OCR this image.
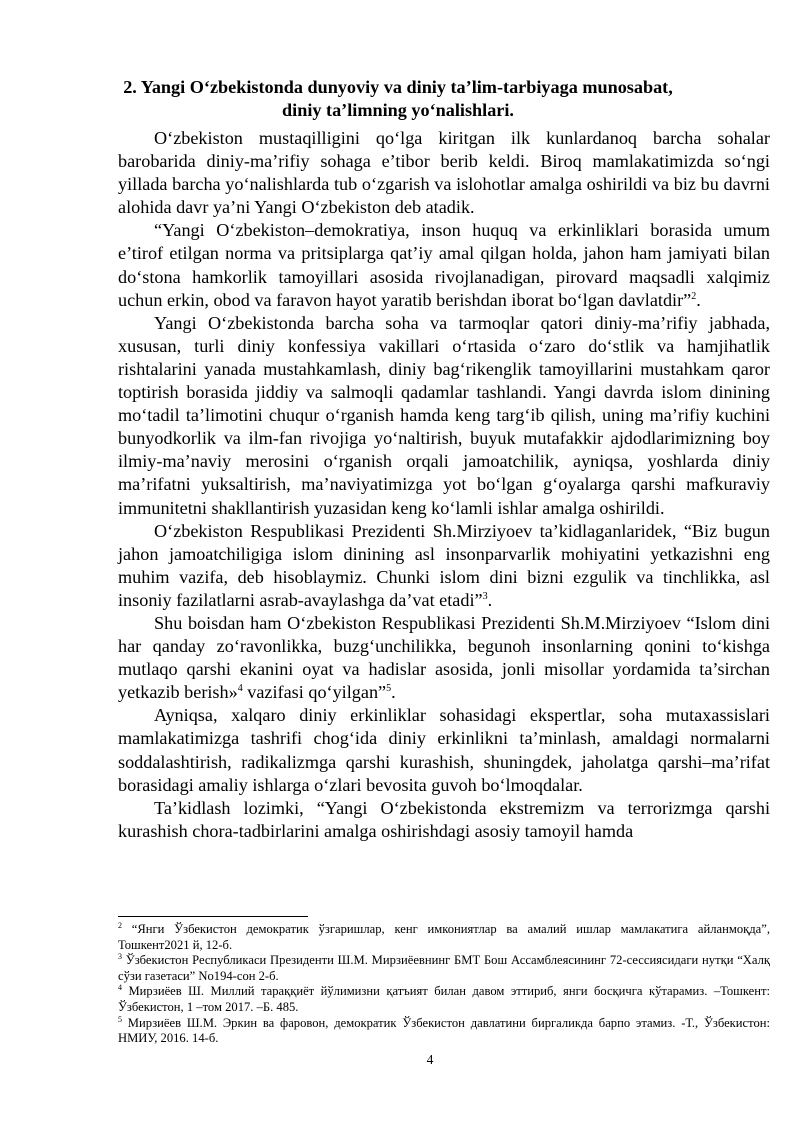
2. Yangi O‘zbekistonda dunyoviy va diniy ta’lim-tarbiyaga munosabat,
diniy ta’limning yo‘nalishlari.

O‘zbekiston mustaqilligini qo‘lga kiritgan ilk kunlardanoq barcha sohalar barobarida diniy-ma’rifiy sohaga e’tibor berib keldi. Biroq mamlakatimizda so‘ngi yillada barcha yo‘nalishlarda tub o‘zgarish va islohotlar amalga oshirildi va biz bu davrni alohida davr ya’ni Yangi O‘zbekiston deb atadik.

“Yangi O‘zbekiston–demokratiya, inson huquq va erkinliklari borasida umum e’tirof etilgan norma va pritsiplarga qat’iy amal qilgan holda, jahon ham jamiyati bilan do‘stona hamkorlik tamoyillari asosida rivojlanadigan, pirovard maqsadli xalqimiz uchun erkin, obod va faravon hayot yaratib berishdan iborat bo‘lgan davlatdir”$^2$.

Yangi O‘zbekistonda barcha soha va tarmoqlar qatori diniy-ma’rifiy jabhada, xususan, turli diniy konfessiya vakillari o‘rtasida o‘zaro do‘stlik va hamjihatlik rishtalarini yanada mustahkamlash, diniy bag‘rikenglik tamoyillarini mustahkam qaror toptirish borasida jiddiy va salmoqli qadamlar tashlandi. Yangi davrda islom dinining mo‘tadil ta’limotini chuqur o‘rganish hamda keng targ‘ib qilish, uning ma’rifiy kuchini bunyodkorlik va ilm-fan rivojiga yo‘naltirish, buyuk mutafakkir ajdodlarimizning boy ilmiy-ma’naviy merosini o‘rganish orqali jamoatchilik, ayniqsa, yoshlarda diniy ma’rifatni yuksaltirish, ma’naviyatimizga yot bo‘lgan g‘oyalarga qarshi mafkuraviy immunitetni shakllantirish yuzasidan keng ko‘lamli ishlar amalga oshirildi.

O‘zbekiston Respublikasi Prezidenti Sh.Mirziyoev ta’kidlaganlaridek, “Biz bugun jahon jamoatchiligiga islom dinining asl insonparvarlik mohiyatini yetkazishni eng muhim vazifa, deb hisoblaymiz. Chunki islom dini bizni ezgulik va tinchlikka, asl insoniy fazilatlarni asrab-avaylashga da’vat etadi”$^3$.

Shu boisdan ham O‘zbekiston Respublikasi Prezidenti Sh.M.Mirziyoev “Islom dini har qanday zo‘ravonlikka, buzg‘unchilikka, begunoh insonlarning qonini to‘kishga mutlaqo qarshi ekanini oyat va hadislar asosida, jonli misollar yordamida ta’sirchan yetkazib berish»$^4$ vazifasi qo‘yilgan”$^5$.

Ayniqsa, xalqaro diniy erkinliklar sohasidagi ekspertlar, soha mutaxassislari mamlakatimizga tashrifi chog‘ida diniy erkinlikni ta’minlash, amaldagi normalarni soddalashtirish, radikalizmga qarshi kurashish, shuningdek, jaholatga qarshi–ma’rifat borasidagi amaliy ishlarga o‘zlari bevosita guvoh bo‘lmoqdalar.

Ta’kidlash lozimki, “Yangi O‘zbekistonda ekstremizm va terrorizmga qarshi kurashish chora-tadbirlarini amalga oshirishdagi asosiy tamoyil hamda

$^2$ “Янги Ўзбекистон демократик ўзгаришлар, кенг имкониятлар ва амалий ишлар мамлакатига айланмоқда”, Тошкент2021 й, 12-б.

$^3$ Ўзбекистон Республикаси Президенти Ш.М. Мирзиёевнинг БМТ Бош Ассамблеясининг 72-сессиясидаги нутқи “Халқ сўзи газетаси” No194-сон 2-б.

$^4$ Мирзиёев Ш. Миллий тараққиёт йўлимизни қатъият билан давом эттириб, янги босқичга кўтарамиз. –Тошкент: Ўзбекистон, 1 –том 2017. –Б. 485.

$^5$ Мирзиёев Ш.М. Эркин ва фаровон, демократик Ўзбекистон давлатини биргаликда барпо этамиз. -Т., Ўзбекистон: НМИУ, 2016. 14-б.

4
